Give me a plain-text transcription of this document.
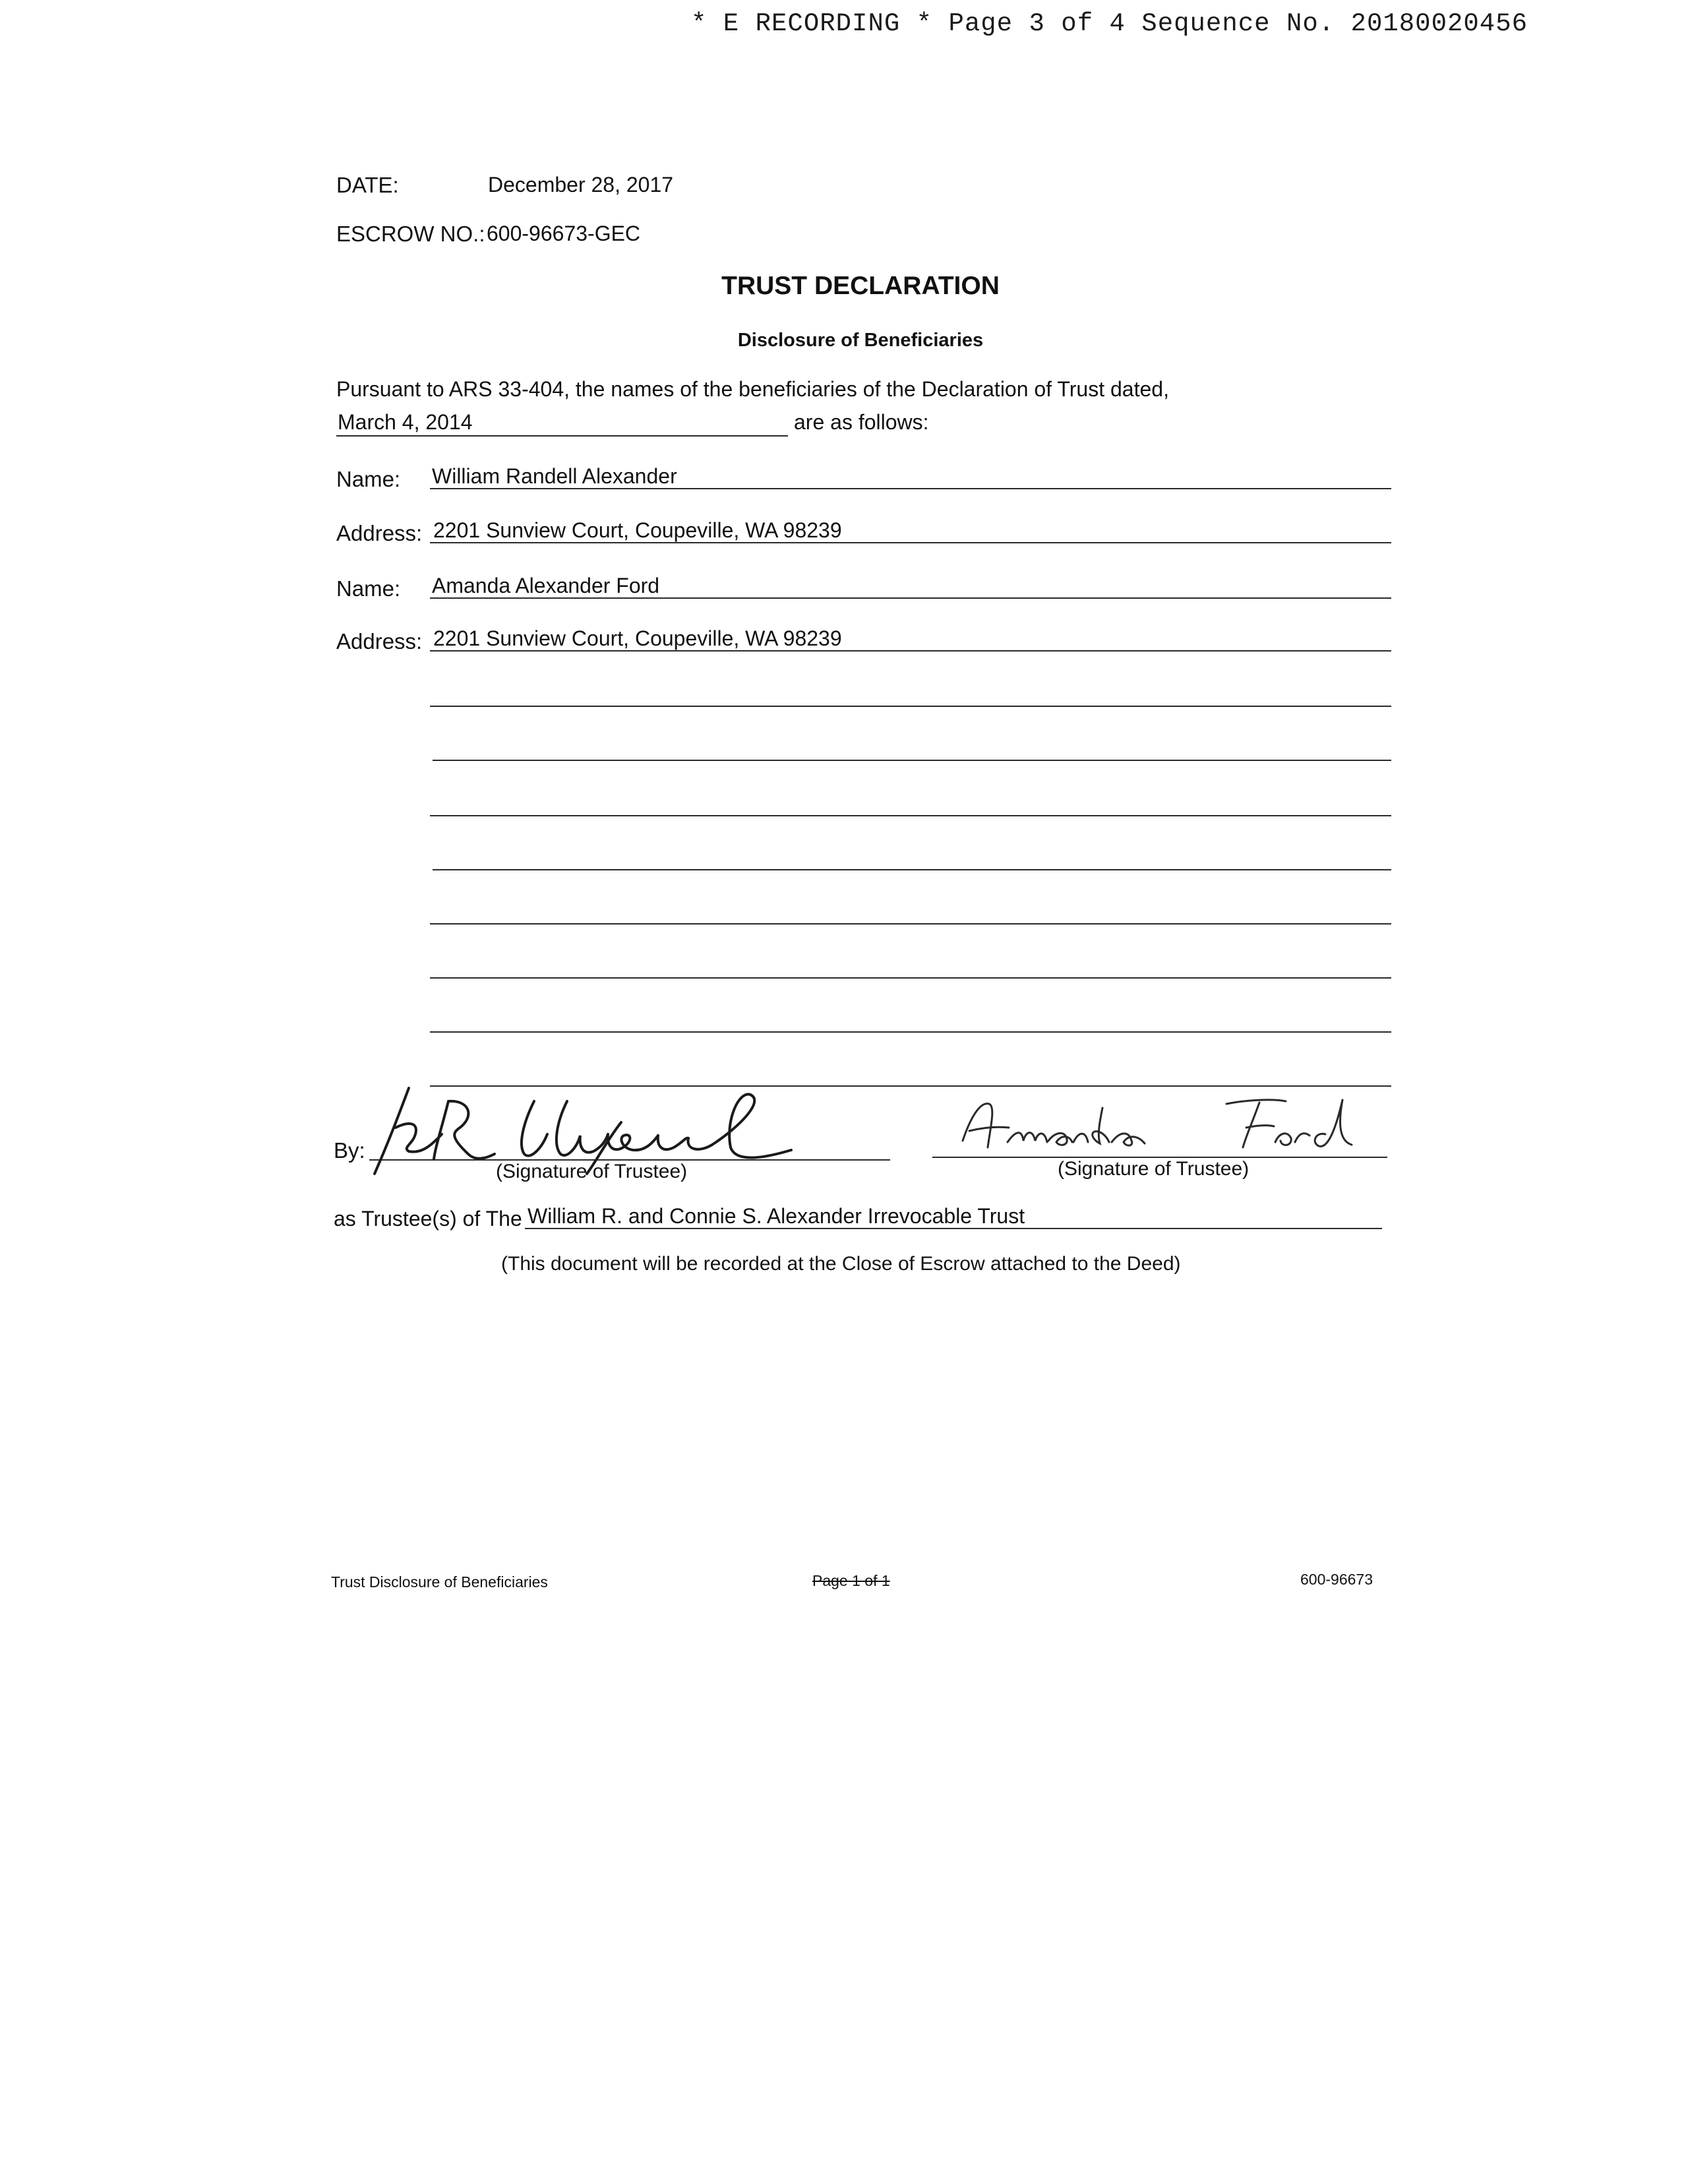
* E RECORDING * Page 3 of 4 Sequence No. 20180020456
DATE:	December 28, 2017
ESCROW NO.: 600-96673-GEC
TRUST DECLARATION
Disclosure of Beneficiaries
Pursuant to ARS 33-404, the names of the beneficiaries of the Declaration of Trust dated,
March 4, 2014	are as follows:
Name: William Randell Alexander
Address: 2201 Sunview Court, Coupeville, WA 98239
Name: Amanda Alexander Ford
Address: 2201 Sunview Court, Coupeville, WA 98239
By:
(Signature of Trustee)	(Signature of Trustee)
as Trustee(s) of The William R. and Connie S. Alexander Irrevocable Trust
(This document will be recorded at the Close of Escrow attached to the Deed)
Trust Disclosure of Beneficiaries	Page 1 of 1	600-96673
